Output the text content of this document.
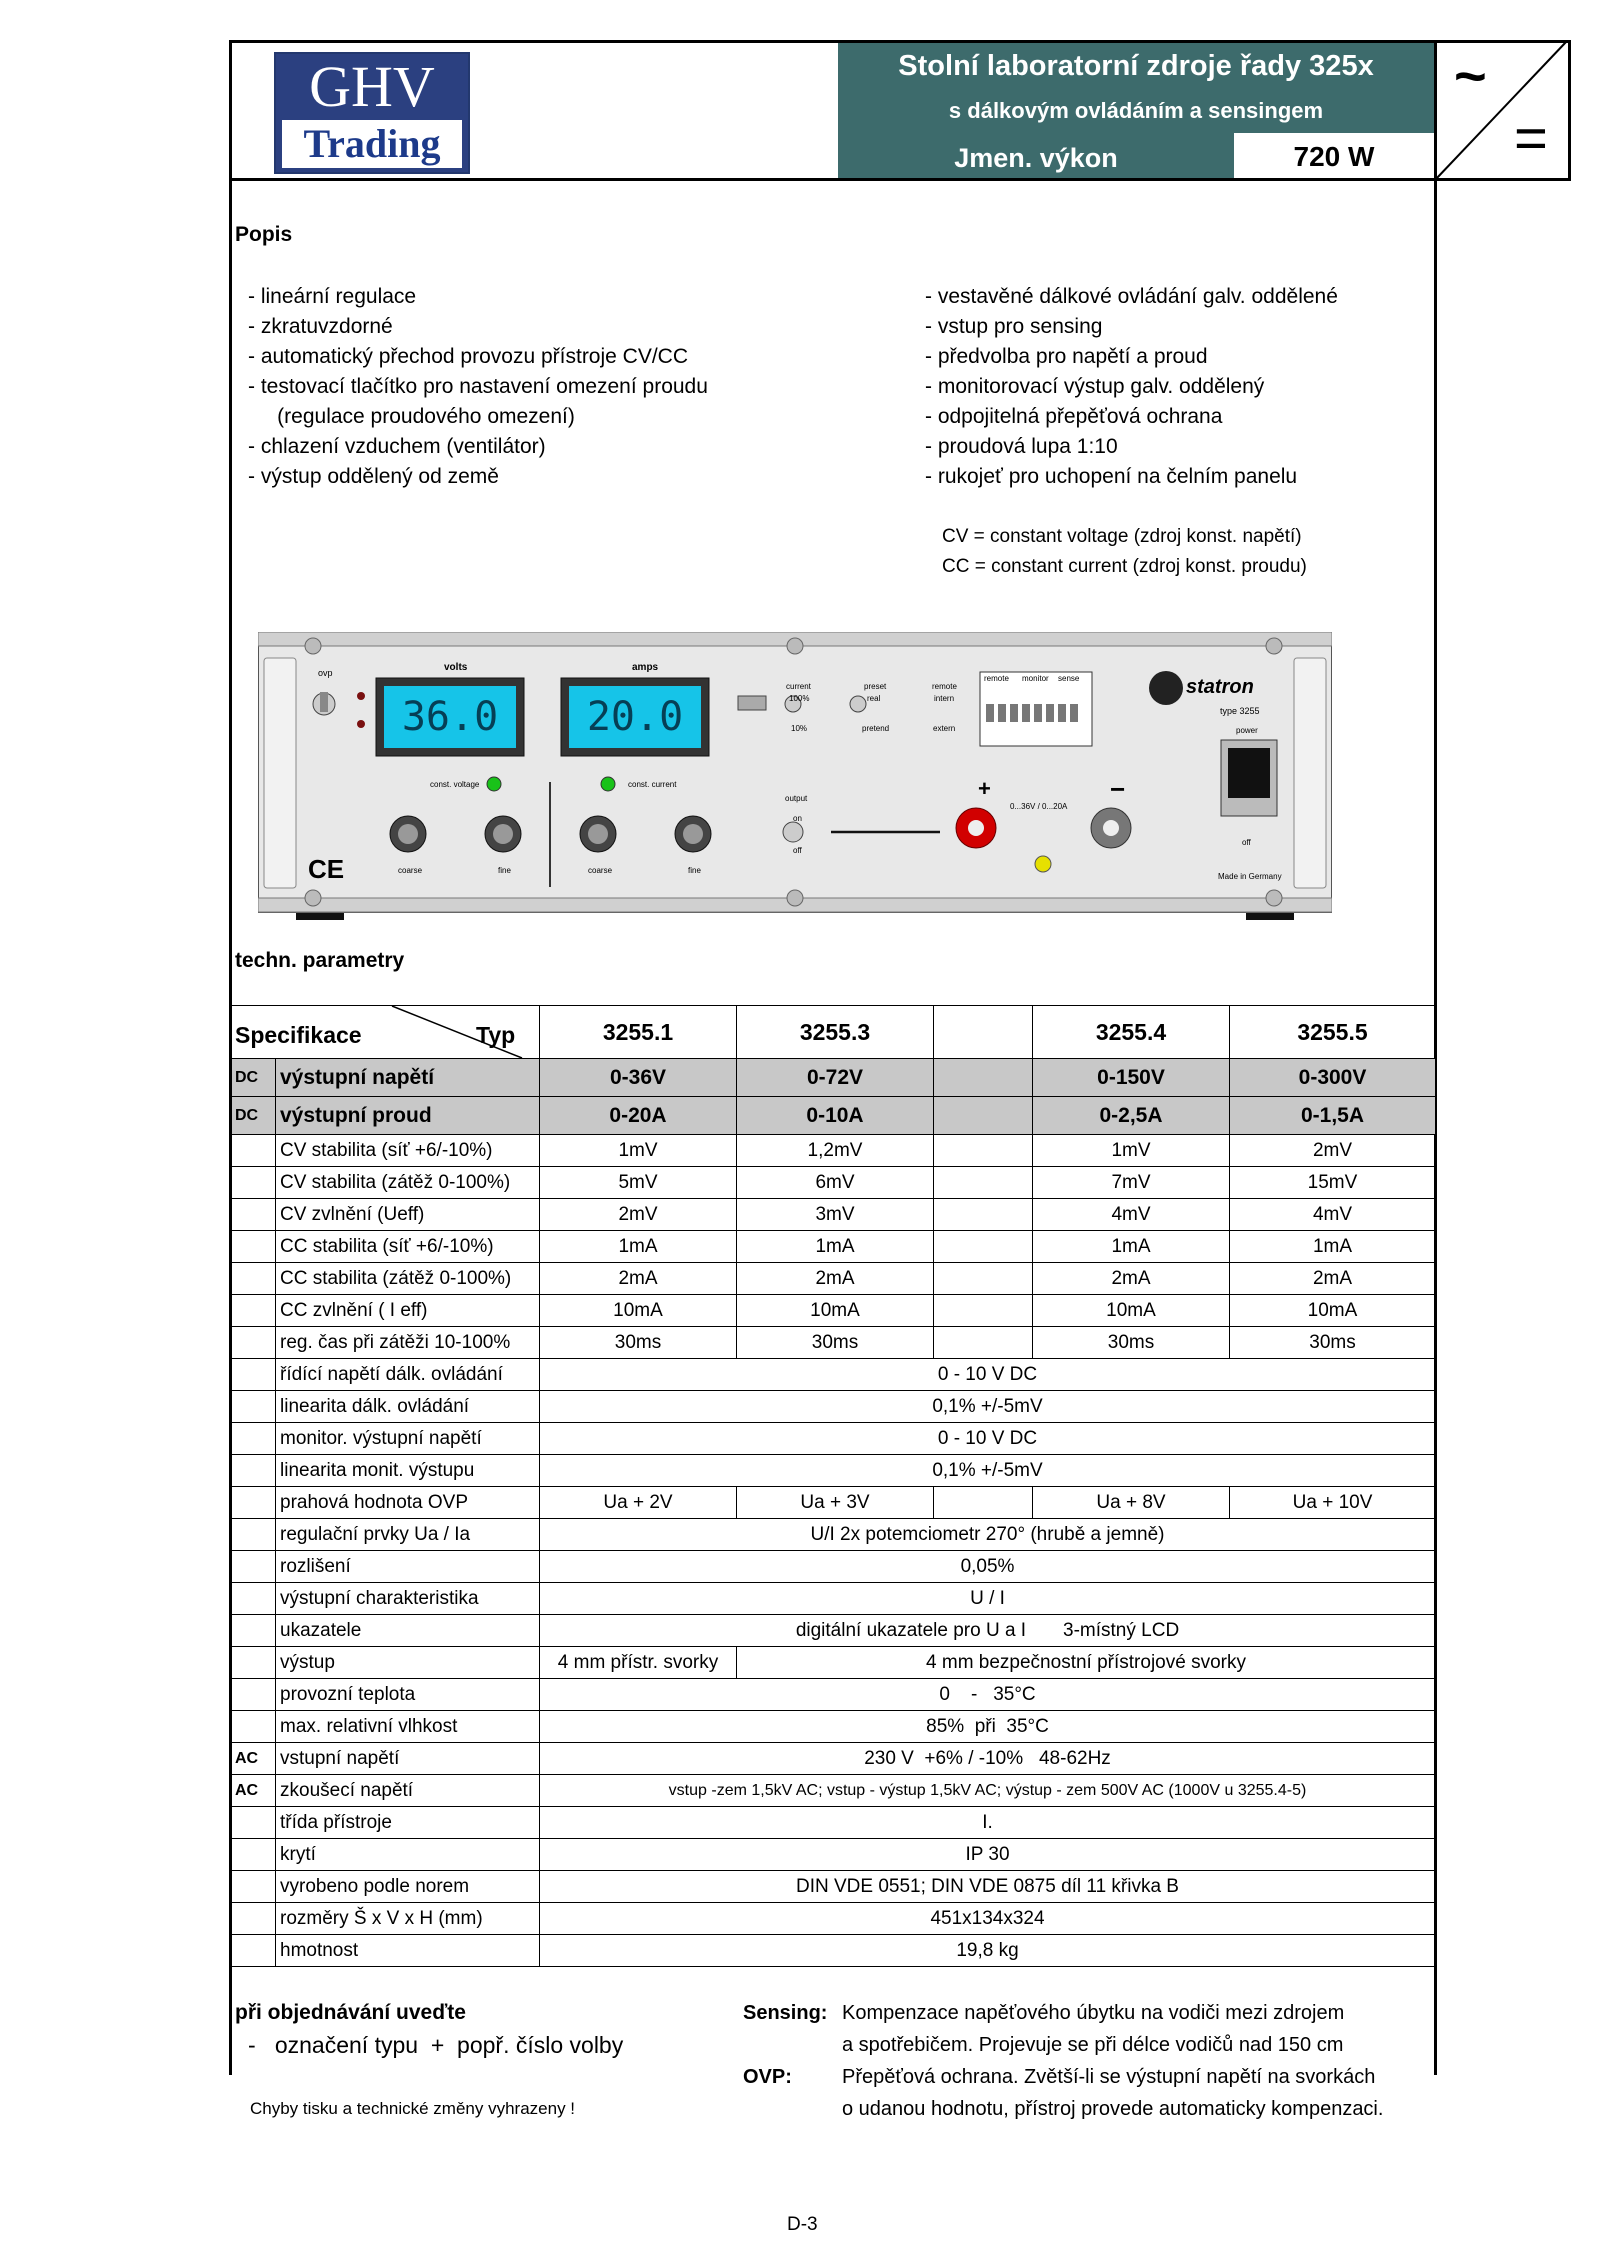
GHV
Trading
Stolní laboratorní zdroje řady 325x
s dálkovým ovládáním a sensingem
Jmen. výkon	720 W
~
=
Popis
- lineární regulace
- zkratuvzdorné
- automatický přechod provozu přístroje CV/CC
- testovací tlačítko pro nastavení omezení proudu
(regulace proudového omezení)
- chlazení vzduchem (ventilátor)
- výstup oddělený od země
- vestavěné dálkové ovládání galv. oddělené
- vstup pro sensing
- předvolba pro napětí a proud
- monitorovací výstup galv. oddělený
- odpojitelná přepěťová ochrana
- proudová lupa 1:10
- rukojeť pro uchopení na čelním panelu
CV = constant voltage (zdroj konst. napětí)
CC = constant current (zdroj konst. proudu)
volts	amps
36.0	20.0
ovp
const. voltage	const. current
coarse	fine	coarse	fine
current	preset	remote
100%
10%
real
pretend
intern
extern
output
on
off
statron
type 3255
power
off
0...36V / 0...20A
Made in Germany
CE
remote monitor sense
+	−
techn. parametry
Specifikace Typ		3255.1	3255.3		3255.4	3255.5
DC	výstupní napětí	0-36V	0-72V		0-150V	0-300V
DC	výstupní proud	0-20A	0-10A		0-2,5A	0-1,5A
	CV stabilita (síť +6/-10%)	1mV	1,2mV		1mV	2mV
	CV stabilita (zátěž 0-100%)	5mV	6mV		7mV	15mV
	CV zvlnění (Ueff)	2mV	3mV		4mV	4mV
	CC stabilita (síť +6/-10%)	1mA	1mA		1mA	1mA
	CC stabilita (zátěž 0-100%)	2mA	2mA		2mA	2mA
	CC zvlnění ( I eff)	10mA	10mA		10mA	10mA
	reg. čas při zátěži 10-100%	30ms	30ms		30ms	30ms
	řídící napětí dálk. ovládání	0 - 10 V DC				
	linearita dálk. ovládání	0,1% +/-5mV				
	monitor. výstupní napětí	0 - 10 V DC				
	linearita monit. výstupu	0,1% +/-5mV				
	prahová hodnota OVP	Ua + 2V	Ua + 3V		Ua + 8V	Ua + 10V
	regulační prvky Ua / Ia	U/I 2x potemciometr 270° (hrubě a jemně)				
	rozlišení	0,05%				
	výstupní charakteristika	U / I				
	ukazatele	digitální ukazatele pro U a I       3-místný LCD				
	výstup	4 mm přístr. svorky	4 mm bezpečnostní přístrojové svorky			
	provozní teplota	0    -   35°C				
	max. relativní vlhkost	85%  při  35°C				
AC	vstupní napětí	230 V  +6% / -10%   48-62Hz				
AC	zkoušecí napětí	vstup -zem 1,5kV AC; vstup - výstup 1,5kV AC; výstup - zem 500V AC (1000V u 3255.4-5)				
	třída přístroje	I.				
	krytí	IP 30				
	vyrobeno podle norem	DIN VDE 0551; DIN VDE 0875 díl 11 křivka B				
	rozměry Š x V x H (mm)	451x134x324				
	hmotnost	19,8 kg				
při objednávání uveďte
-   označení typu  +  popř. číslo volby
Chyby tisku a technické změny vyhrazeny !
Sensing: Kompenzace napěťového úbytku na vodiči mezi zdrojem
a spotřebičem. Projevuje se při délce vodičů nad 150 cm
OVP:	Přepěťová ochrana. Zvětší-li se výstupní napětí na svorkách
o udanou hodnotu, přístroj provede automaticky kompenzaci.
D-3
